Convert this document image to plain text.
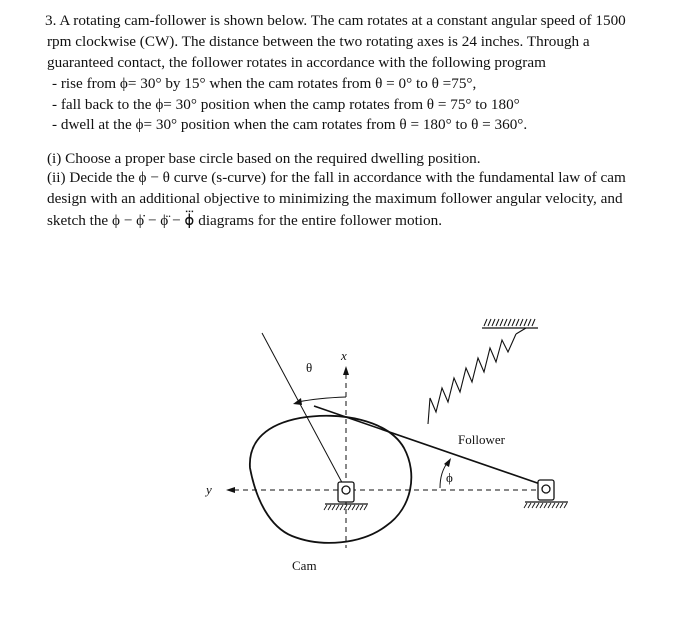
3. A rotating cam-follower is shown below. The cam rotates at a constant angular speed of 1500
rpm clockwise (CW). The distance between the two rotating axes is 24 inches. Through a
guaranteed contact, the follower rotates in accordance with the following program
- rise from ϕ= 30° by 15° when the cam rotates from θ = 0° to θ =75°,
- fall back to the ϕ= 30° position when the camp rotates from θ = 75° to 180°
- dwell at the ϕ= 30° position when the cam rotates from θ = 180° to θ = 360°.
(i) Choose a proper base circle based on the required dwelling position.
(ii) Decide the ϕ − θ curve (s-curve) for the fall in accordance with the fundamental law of cam
design with an additional objective to minimizing the maximum follower angular velocity, and
sketch the ϕ − ϕ̇ − ϕ̈ − ϕ⃛ diagrams for the entire follower motion.
θ
x
y
Follower
ϕ
Cam
